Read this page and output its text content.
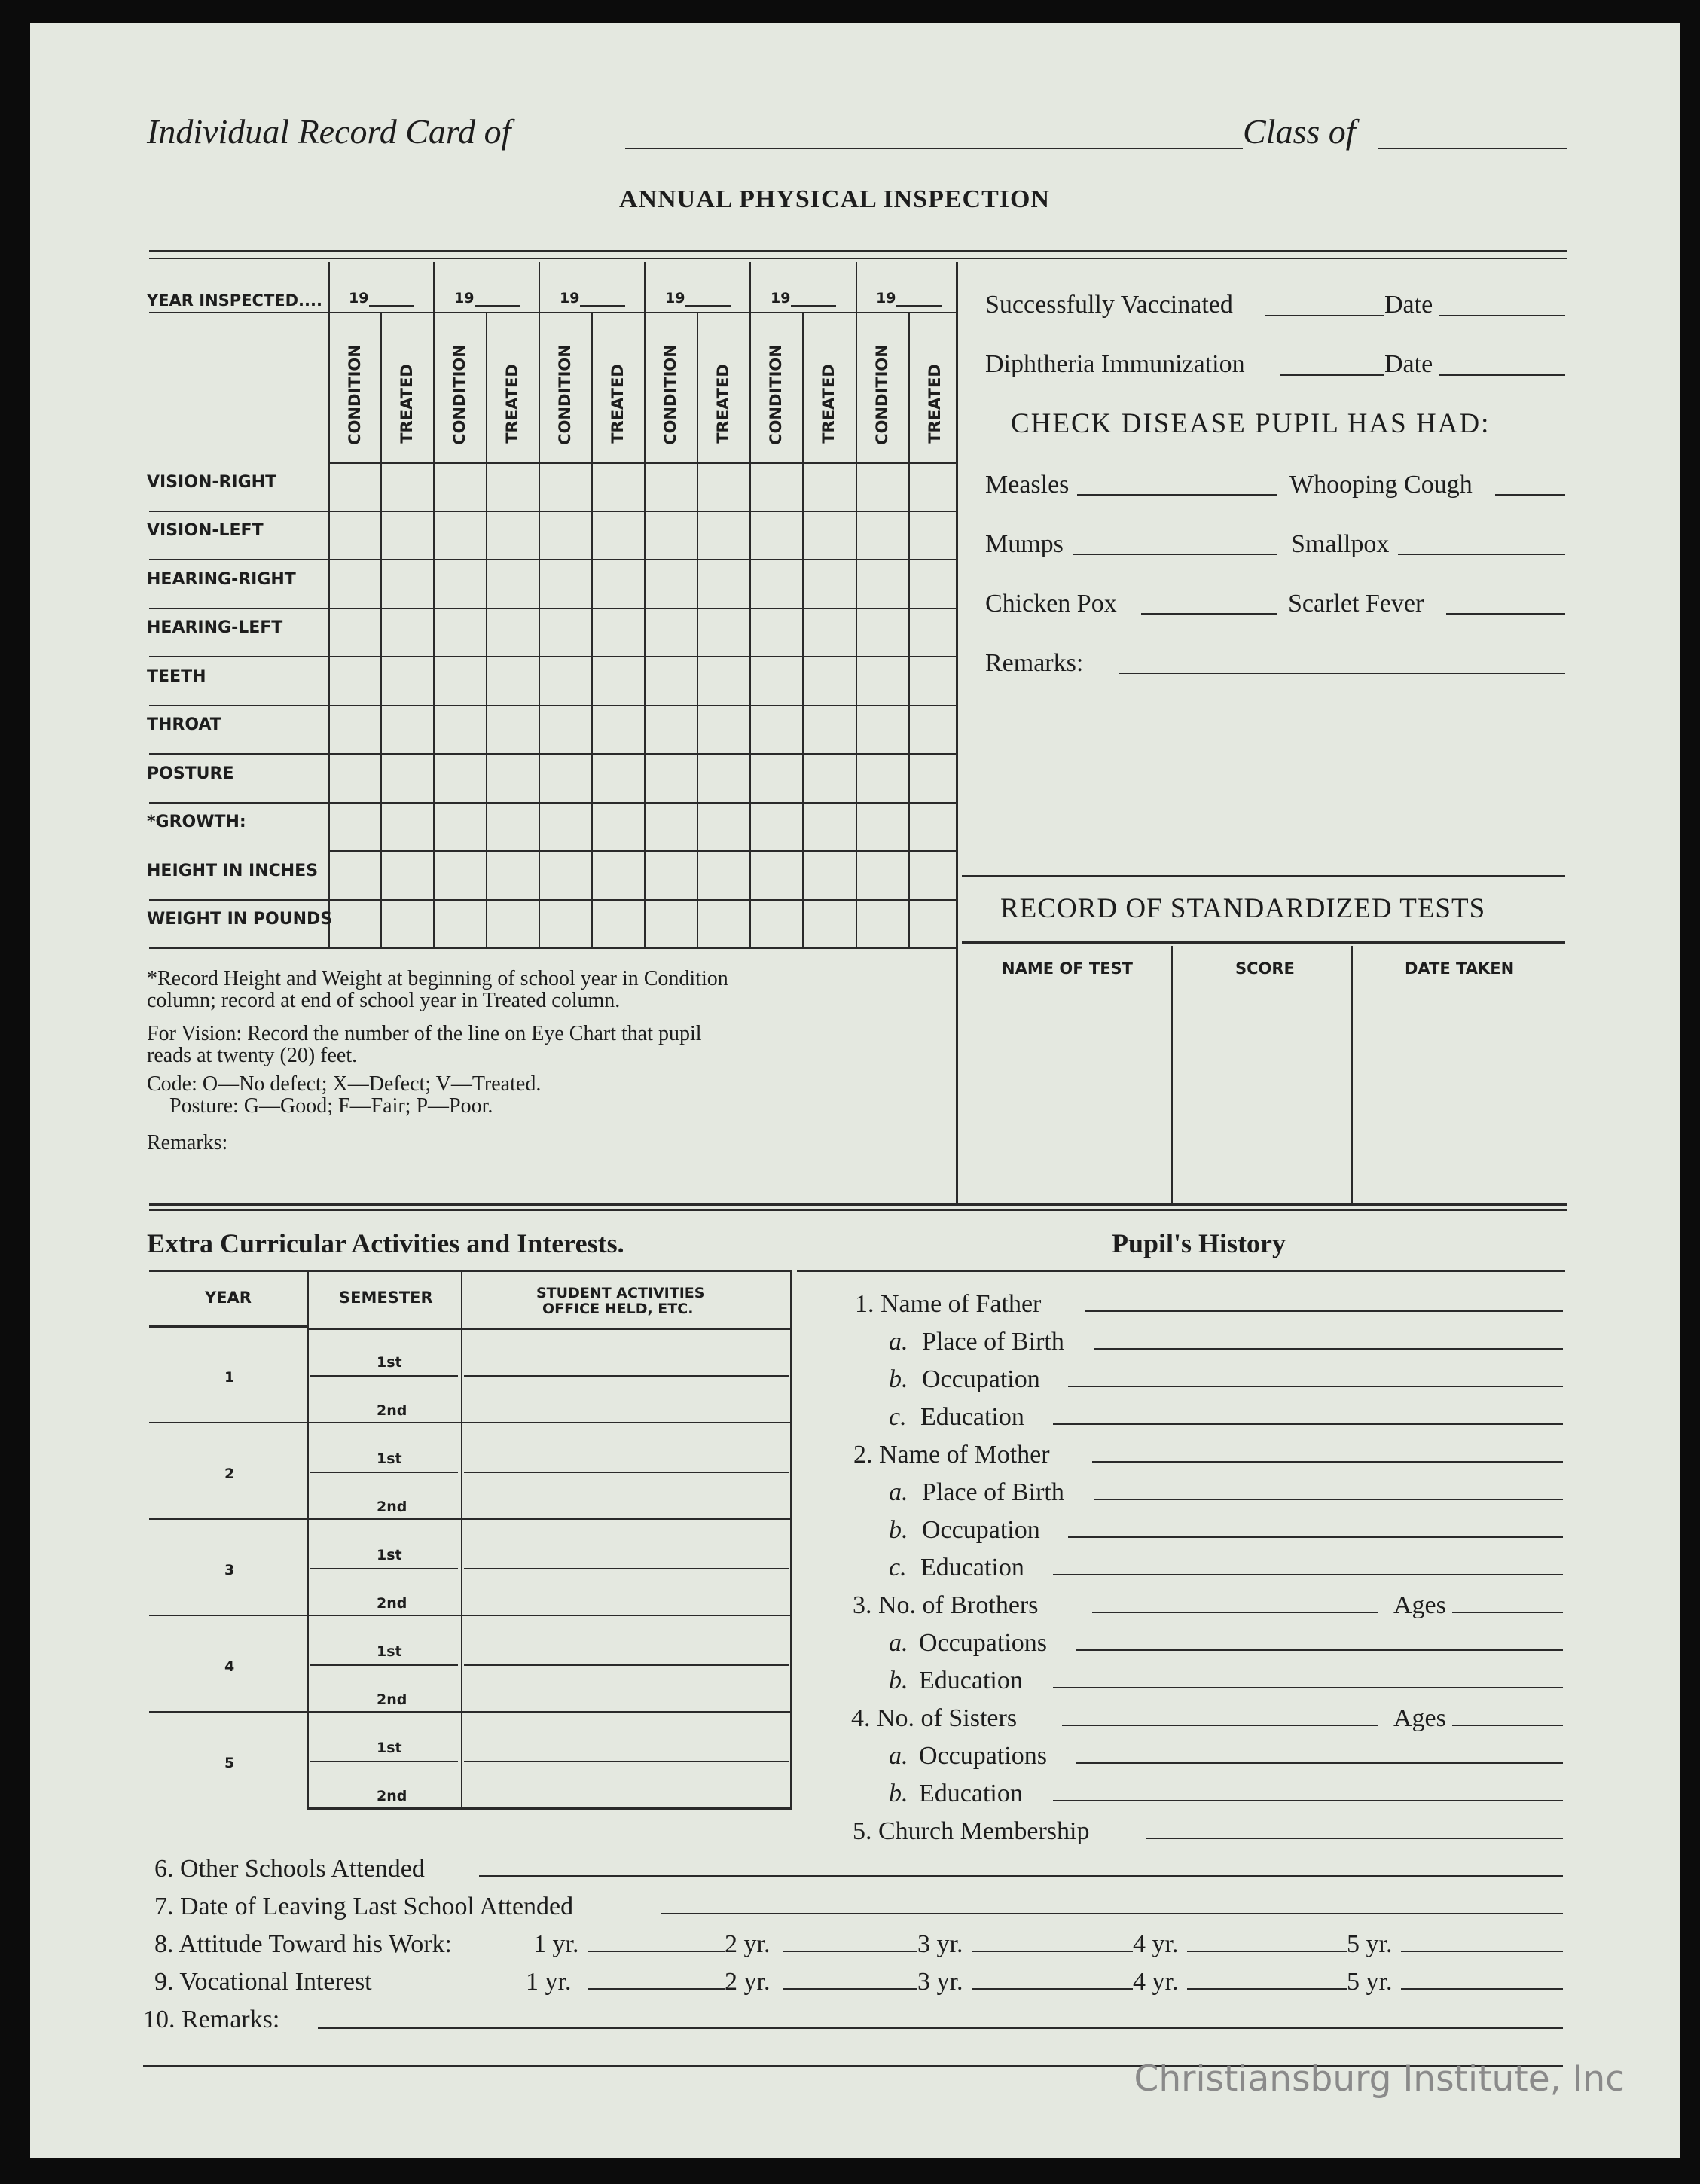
Individual Record Card of	Class of
ANNUAL PHYSICAL INSPECTION
YEAR INSPECTED.... 19	19	19	19	19	19
CONDITION TREATED CONDITION TREATED CONDITION TREATED CONDITION TREATED CONDITION TREATED CONDITION TREATED
VISION-RIGHT
VISION-LEFT
HEARING-RIGHT
HEARING-LEFT
TEETH
THROAT
POSTURE
*GROWTH:
HEIGHT IN INCHES
WEIGHT IN POUNDS
*Record Height and Weight at beginning of school year in Condition
column; record at end of school year in Treated column.
For Vision: Record the number of the line on Eye Chart that pupil
reads at twenty (20) feet.
Code: O—No defect; X—Defect; V—Treated.
Posture: G—Good; F—Fair; P—Poor.
Remarks:
Successfully Vaccinated	Date
Diphtheria Immunization	Date
CHECK DISEASE PUPIL HAS HAD:
Measles	Whooping Cough
Mumps	Smallpox
Chicken Pox	Scarlet Fever
Remarks:
RECORD OF STANDARDIZED TESTS
NAME OF TEST	SCORE	DATE TAKEN
Extra Curricular Activities and Interests.
YEAR	SEMESTER	STUDENT ACTIVITIES
OFFICE HELD, ETC.
1
1st
2nd
2
1st
2nd
3
1st
2nd
4
1st
2nd
5
1st
2nd
Pupil's History
1. Name of Father
a. Place of Birth
b. Occupation
c. Education
2. Name of Mother
a. Place of Birth
b. Occupation
c. Education
3. No. of Brothers	Ages
a. Occupations
b. Education
4. No. of Sisters	Ages
a. Occupations
b. Education
5. Church Membership
6. Other Schools Attended
7. Date of Leaving Last School Attended
8. Attitude Toward his Work:	1 yr.	2 yr.	3 yr.	4 yr.	5 yr.
9. Vocational Interest	1 yr.	2 yr.	3 yr.	4 yr.	5 yr.
10. Remarks:
Christiansburg Institute, Inc
